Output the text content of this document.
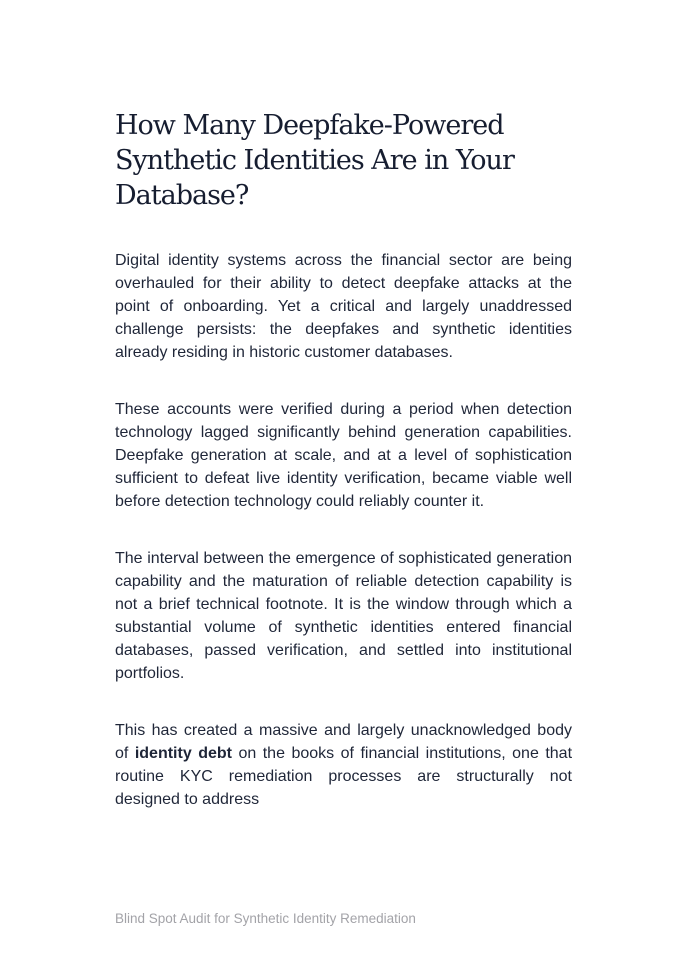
How Many Deepfake-Powered Synthetic Identities Are in Your Database?

Digital identity systems across the financial sector are being overhauled for their ability to detect deepfake attacks at the point of onboarding. Yet a critical and largely unaddressed challenge persists: the deepfakes and synthetic identities already residing in historic customer databases.

These accounts were verified during a period when detection technology lagged significantly behind generation capabilities. Deepfake generation at scale, and at a level of sophistication sufficient to defeat live identity verification, became viable well before detection technology could reliably counter it.

The interval between the emergence of sophisticated generation capability and the maturation of reliable detection capability is not a brief technical footnote. It is the window through which a substantial volume of synthetic identities entered financial databases, passed verification, and settled into institutional portfolios.

This has created a massive and largely unacknowledged body of identity debt on the books of financial institutions, one that routine KYC remediation processes are structurally not designed to address

Blind Spot Audit for Synthetic Identity Remediation
